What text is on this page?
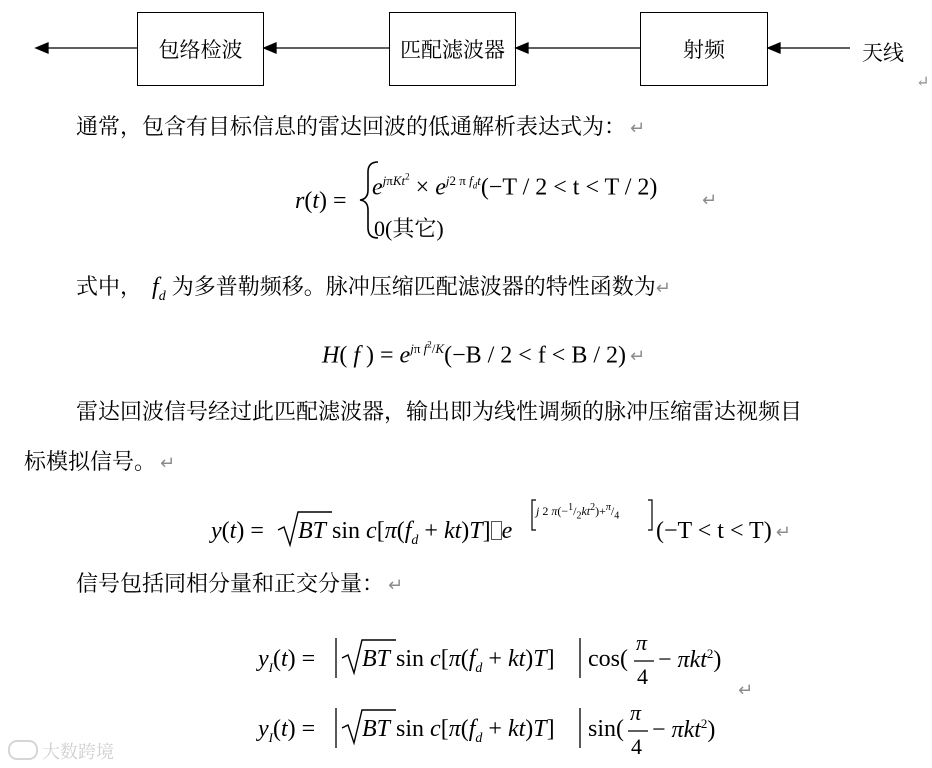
包络检波	匹配滤波器	射频	天线
↵
通常，包含有目标信息的雷达回波的低通解析表达式为： ↵
r(t) =
$e^{j\pi Kt^2} \times e^{j2 \pi f_dt}(-T / 2 < t < T / 2)$
↵
0(其它)
式中， $f_d$ 为多普勒频移。脉冲压缩匹配滤波器的特性函数为↵
H( f ) = $e^{j\pi f^2/K}(-B / 2 < f < B / 2)$ ↵
雷达回波信号经过此匹配滤波器，输出即为线性调频的脉冲压缩雷达视频目
标模拟信号。 ↵
y(t) = BT $\sin c[\pi(f_d + kt)T]$ e
j 2 $\pi(-^1/_2kt^2)+^\pi/_4$
(−T < t < T) ↵
信号包括同相分量和正交分量： ↵
$y_I(t)$ = BT $\sin c[\pi(f_d + kt)T]$ cos(
π
4
− πkt$^2$)
↵
$y_I(t)$ = BT $\sin c[\pi(f_d + kt)T]$ sin(
π
4
− πkt$^2$)
大数跨境
